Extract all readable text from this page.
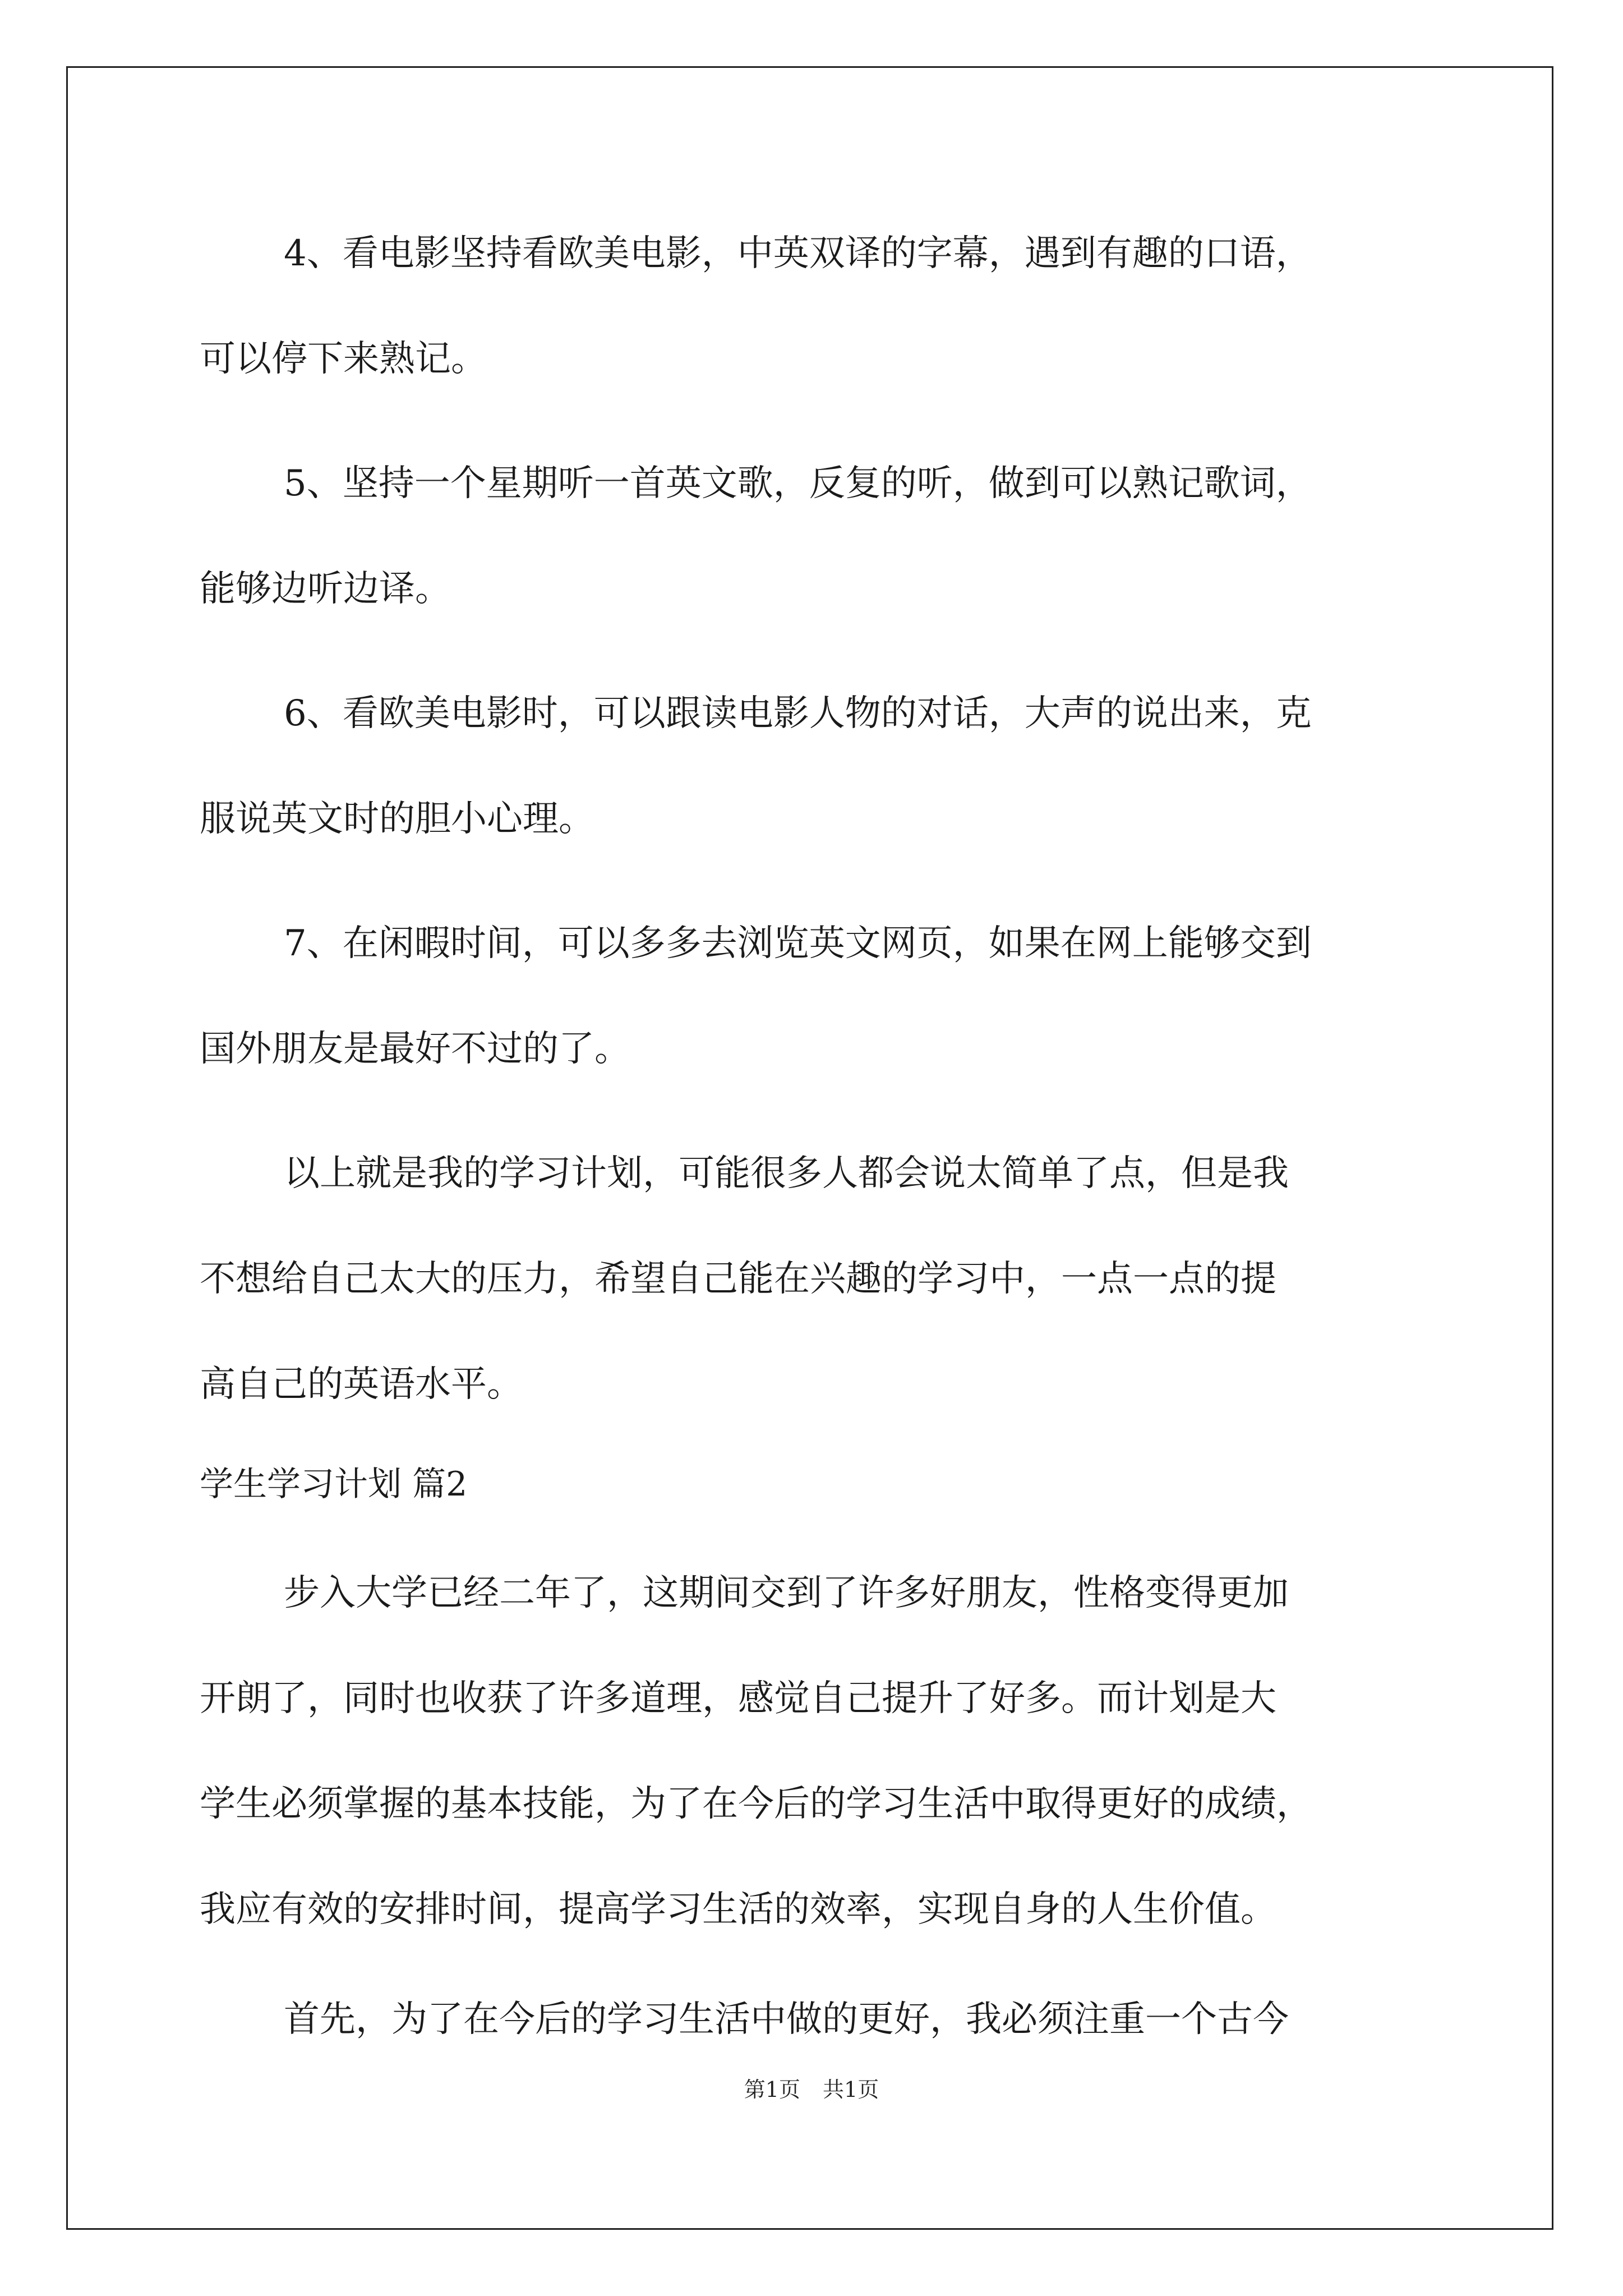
4、看电影坚持看欧美电影，中英双译的字幕，遇到有趣的口语，
可以停下来熟记。
5、坚持一个星期听一首英文歌，反复的听，做到可以熟记歌词，
能够边听边译。
6、看欧美电影时，可以跟读电影人物的对话，大声的说出来，克
服说英文时的胆小心理。
7、在闲暇时间，可以多多去浏览英文网页，如果在网上能够交到
国外朋友是最好不过的了。
以上就是我的学习计划，可能很多人都会说太简单了点，但是我
不想给自己太大的压力，希望自己能在兴趣的学习中，一点一点的提
高自己的英语水平。
学生学习计划 篇2
步入大学已经二年了，这期间交到了许多好朋友，性格变得更加
开朗了，同时也收获了许多道理，感觉自己提升了好多。而计划是大
学生必须掌握的基本技能，为了在今后的学习生活中取得更好的成绩，
我应有效的安排时间，提高学习生活的效率，实现自身的人生价值。
首先，为了在今后的学习生活中做的更好，我必须注重一个古今
第1页 共1页
